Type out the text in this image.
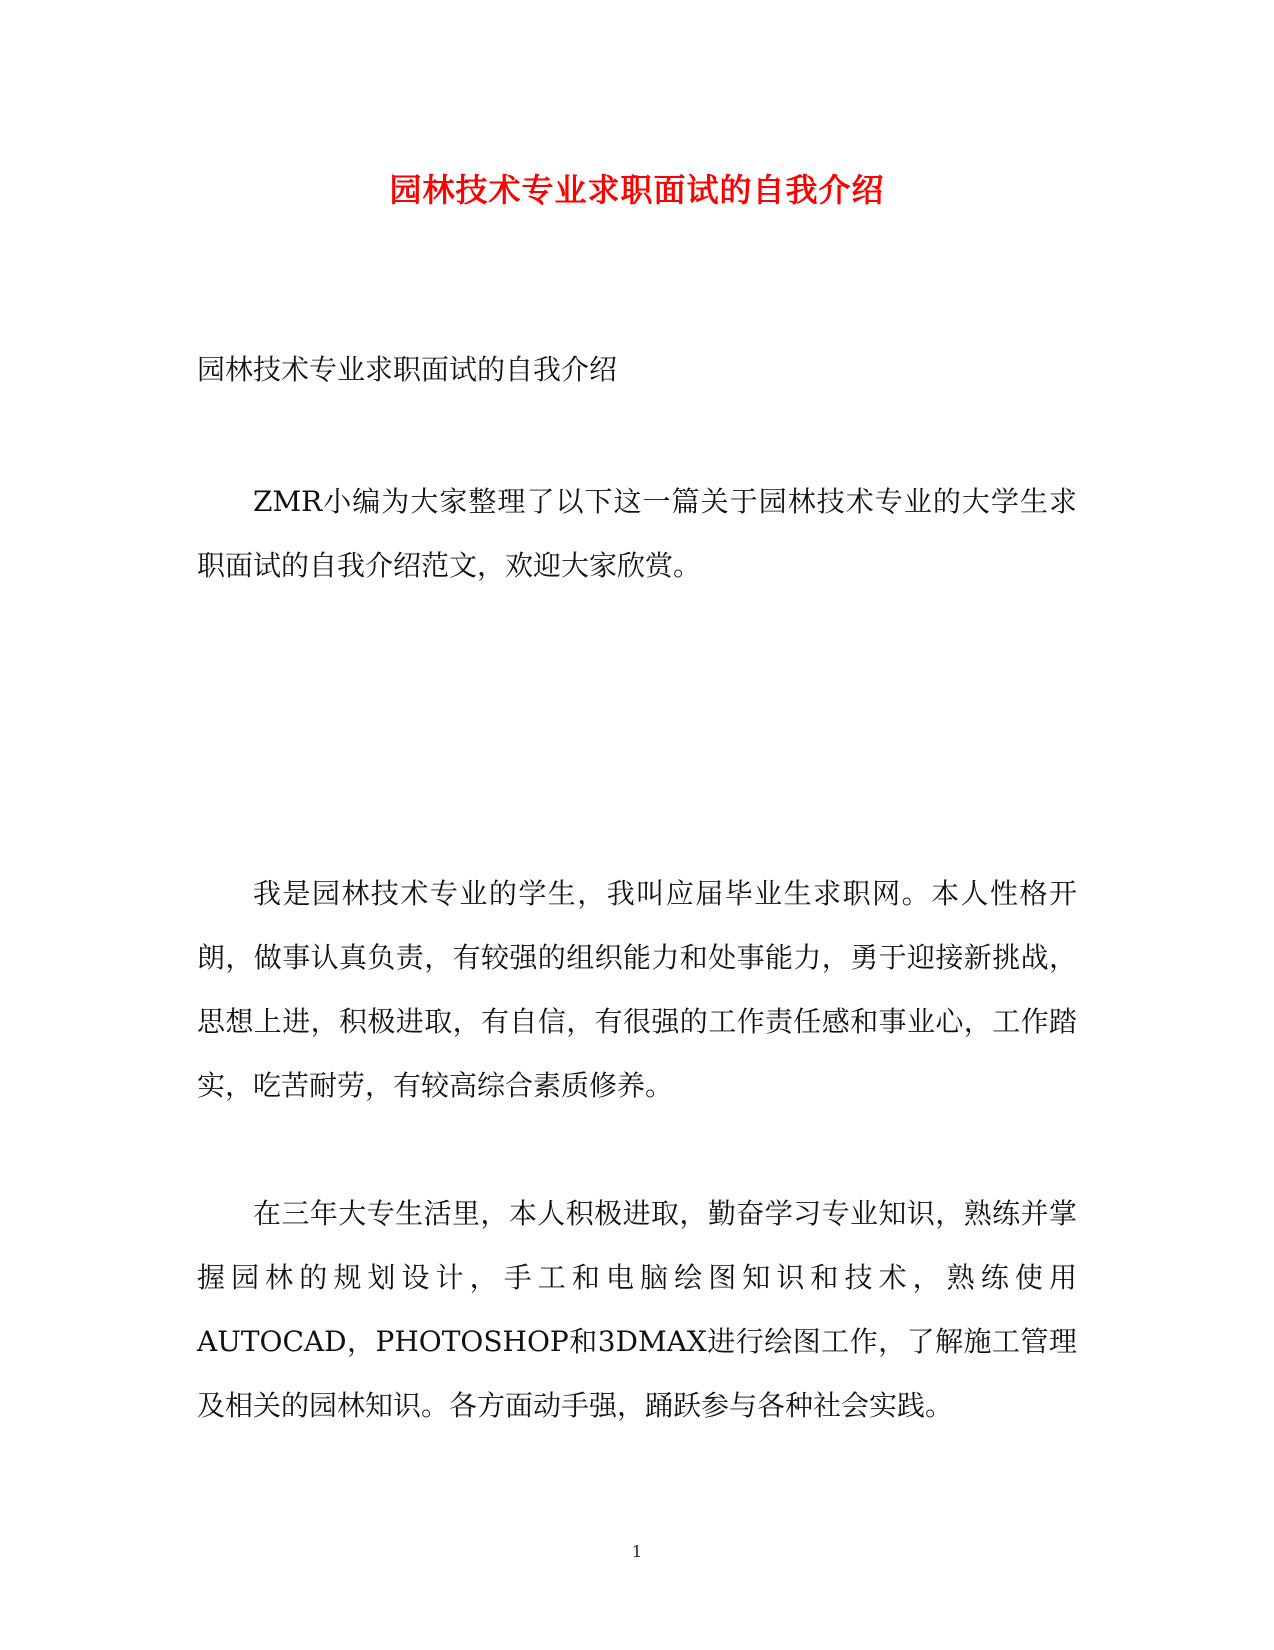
园林技术专业求职面试的自我介绍

园林技术专业求职面试的自我介绍

ZMR小编为大家整理了以下这一篇关于园林技术专业的大学生求职面试的自我介绍范文，欢迎大家欣赏。

我是园林技术专业的学生，我叫应届毕业生求职网。本人性格开朗，做事认真负责，有较强的组织能力和处事能力，勇于迎接新挑战，思想上进，积极进取，有自信，有很强的工作责任感和事业心，工作踏实，吃苦耐劳，有较高综合素质修养。

在三年大专生活里，本人积极进取，勤奋学习专业知识，熟练并掌握园林的规划设计，手工和电脑绘图知识和技术，熟练使用AUTOCAD，PHOTOSHOP和3DMAX进行绘图工作，了解施工管理及相关的园林知识。各方面动手强，踊跃参与各种社会实践。

1
